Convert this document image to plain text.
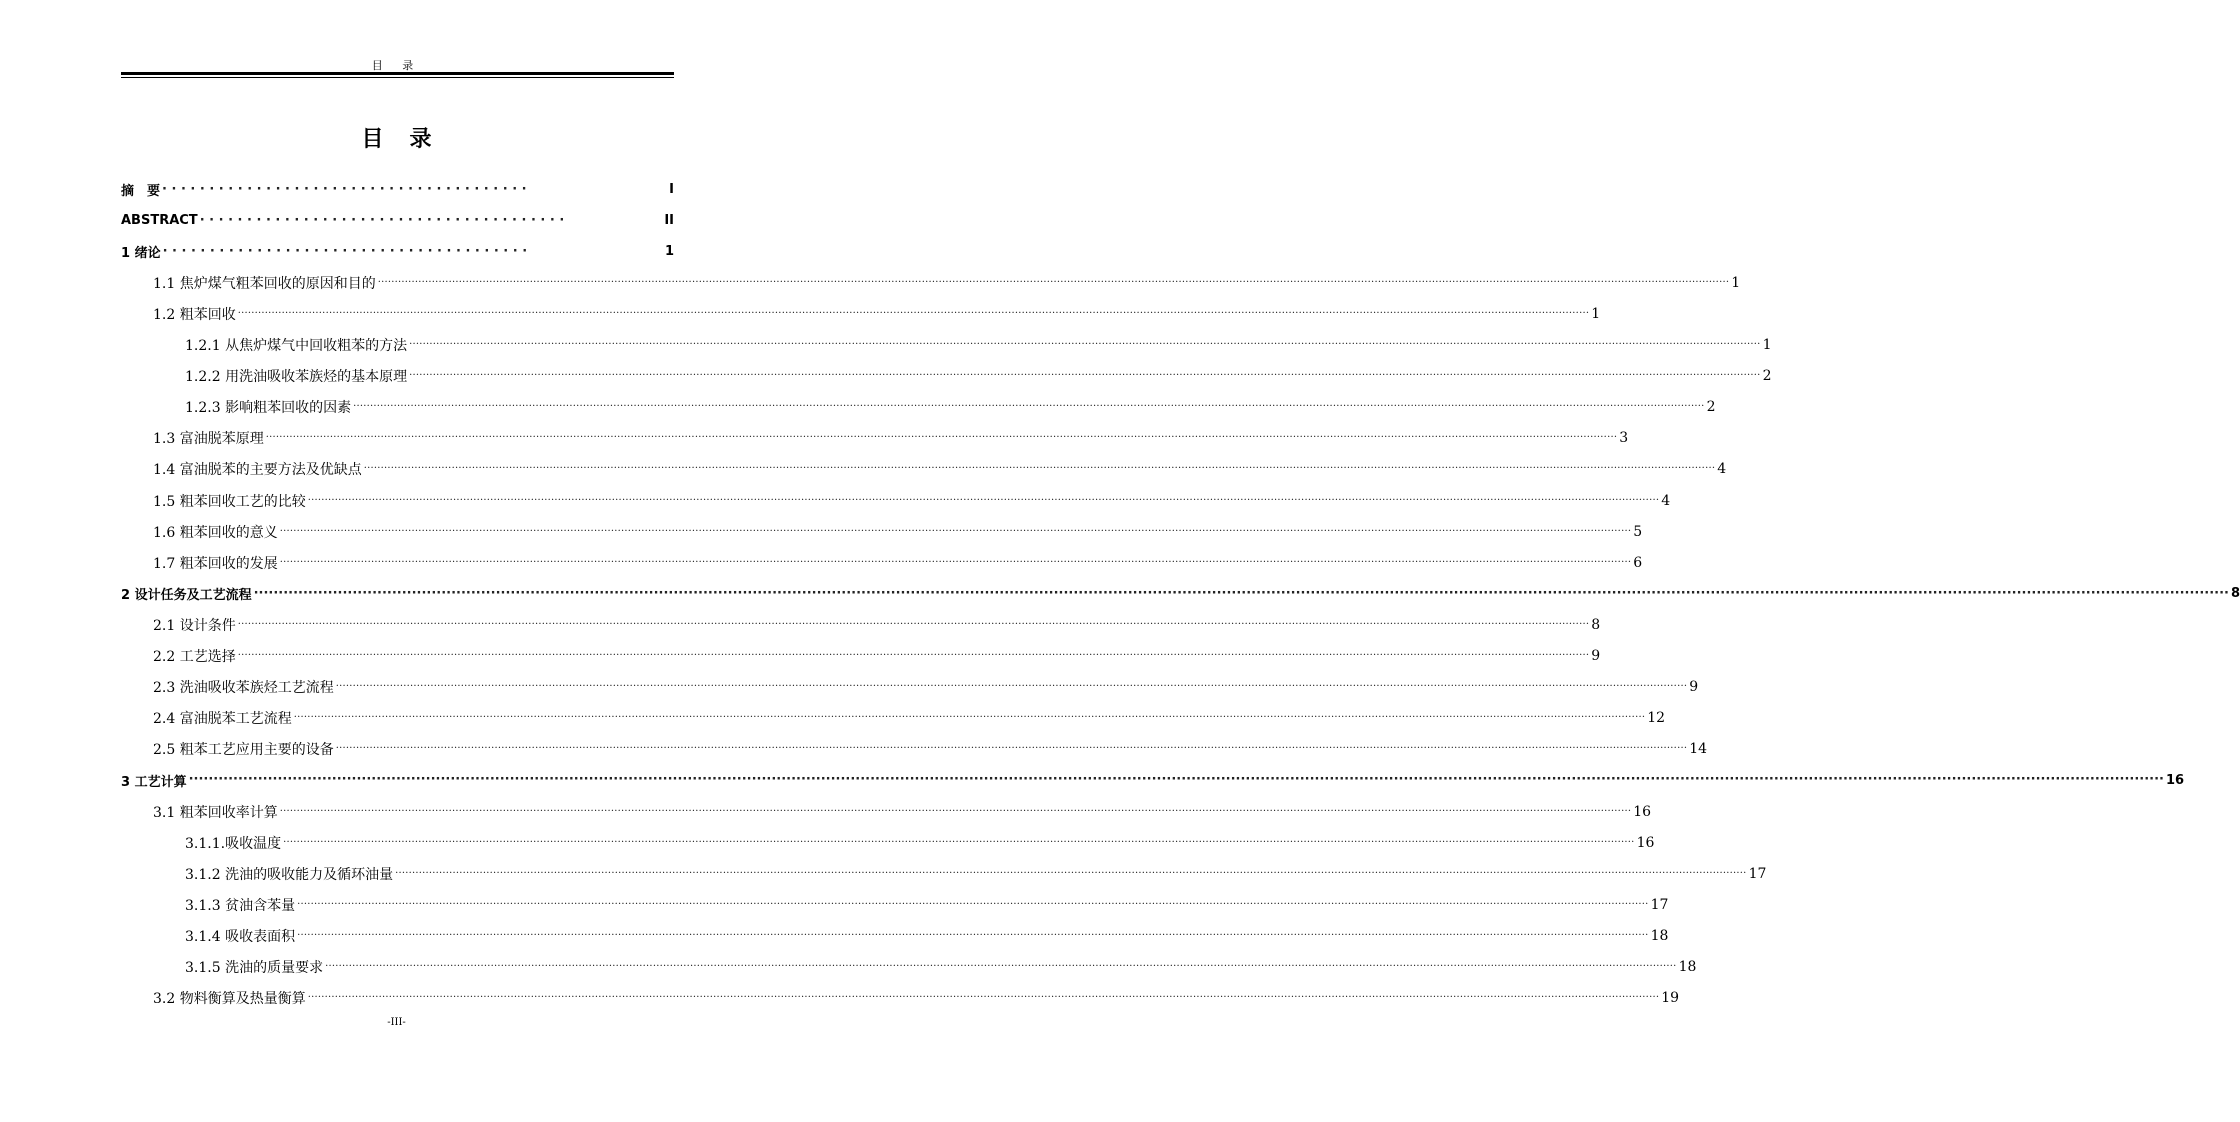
目 录
目 录
摘　要 · · · · · · · · · · · · · · · · · · · · · · · · · · · · · · · · · · · · · · ·	I
ABSTRACT · · · · · · · · · · · · · · · · · · · · · · · · · · · · · · · · · · · · · · ·	II
1 绪论 · · · · · · · · · · · · · · · · · · · · · · · · · · · · · · · · · · · · · · ·	1
1.1 焦炉煤气粗苯回收的原因和目的 ················································································································································································································································································································································································································ 1
1.2 粗苯回收 ················································································································································································································································································································································································································ 1
1.2.1 从焦炉煤气中回收粗苯的方法 ················································································································································································································································································································································································································ 1
1.2.2 用洗油吸收苯族烃的基本原理 ················································································································································································································································································································································································································ 2
1.2.3 影响粗苯回收的因素 ················································································································································································································································································································································································································ 2
1.3 富油脱苯原理 ················································································································································································································································································································································································································ 3
1.4 富油脱苯的主要方法及优缺点 ················································································································································································································································································································································································································ 4
1.5 粗苯回收工艺的比较 ················································································································································································································································································································································································································ 4
1.6 粗苯回收的意义 ················································································································································································································································································································································································································ 5
1.7 粗苯回收的发展 ················································································································································································································································································································································································································ 6
2 设计任务及工艺流程 ················································································································································································································································································································································································································ 8
2.1 设计条件 ················································································································································································································································································································································································································ 8
2.2 工艺选择 ················································································································································································································································································································································································································ 9
2.3 洗油吸收苯族烃工艺流程 ················································································································································································································································································································································································································ 9
2.4 富油脱苯工艺流程 ················································································································································································································································································································································································································ 12
2.5 粗苯工艺应用主要的设备 ················································································································································································································································································································································································································ 14
3 工艺计算 ················································································································································································································································································································································································································ 16
3.1 粗苯回收率计算 ················································································································································································································································································································································································································ 16
3.1.1.吸收温度 ················································································································································································································································································································································································································ 16
3.1.2 洗油的吸收能力及循环油量 ················································································································································································································································································································································································································ 17
3.1.3 贫油含苯量 ················································································································································································································································································································································································································ 17
3.1.4 吸收表面积 ················································································································································································································································································································································································································ 18
3.1.5 洗油的质量要求 ················································································································································································································································································································································································································ 18
3.2 物料衡算及热量衡算 ················································································································································································································································································································································································································ 19
-III-
